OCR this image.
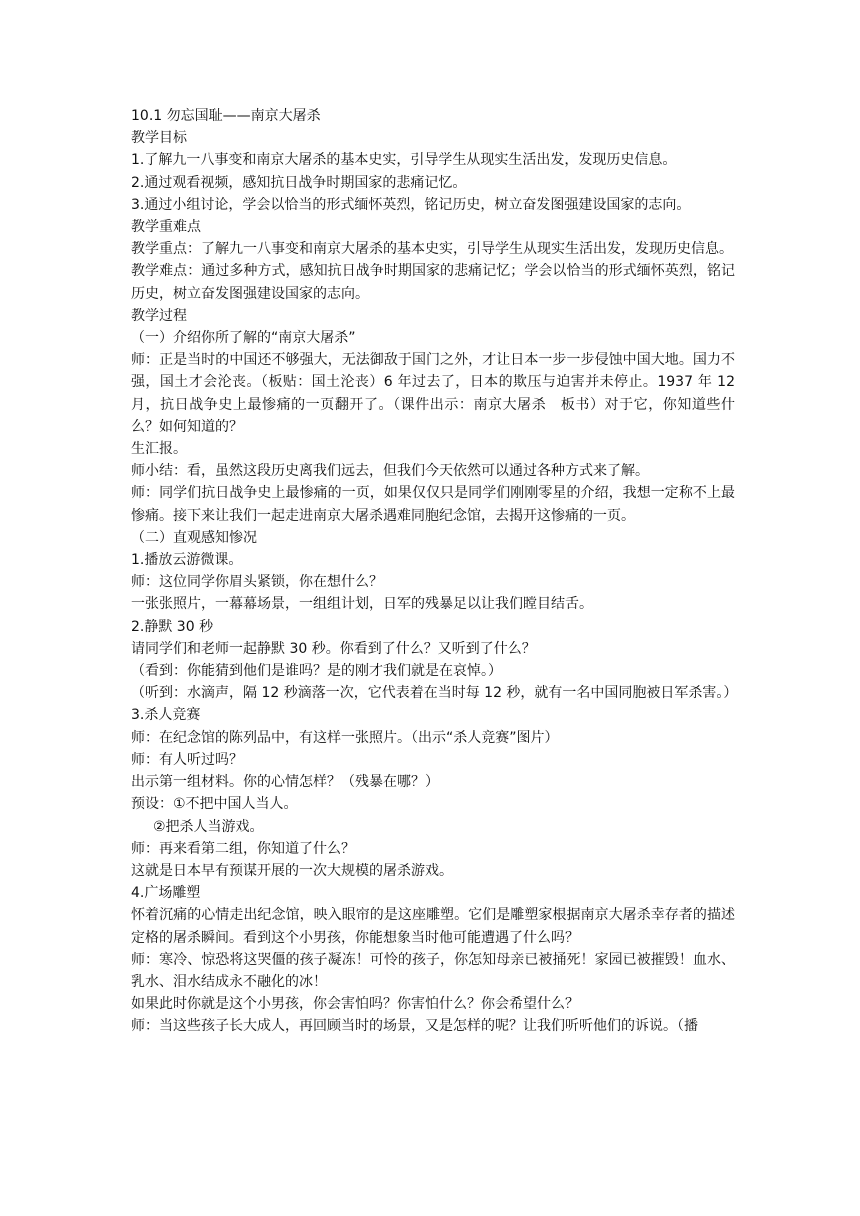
10.1 勿忘国耻——南京大屠杀

教学目标

1.了解九一八事变和南京大屠杀的基本史实，引导学生从现实生活出发，发现历史信息。

2.通过观看视频，感知抗日战争时期国家的悲痛记忆。

3.通过小组讨论，学会以恰当的形式缅怀英烈，铭记历史，树立奋发图强建设国家的志向。

教学重难点

教学重点：了解九一八事变和南京大屠杀的基本史实，引导学生从现实生活出发，发现历史信息。

教学难点：通过多种方式，感知抗日战争时期国家的悲痛记忆；学会以恰当的形式缅怀英烈，铭记历史，树立奋发图强建设国家的志向。

教学过程

（一）介绍你所了解的“南京大屠杀”

师：正是当时的中国还不够强大，无法御敌于国门之外，才让日本一步一步侵蚀中国大地。国力不强，国土才会沦丧。（板贴：国土沦丧）6 年过去了，日本的欺压与迫害并未停止。1937 年 12 月，抗日战争史上最惨痛的一页翻开了。（课件出示：南京大屠杀　板书）对于它，你知道些什么？如何知道的？

生汇报。

师小结：看，虽然这段历史离我们远去，但我们今天依然可以通过各种方式来了解。

师：同学们抗日战争史上最惨痛的一页，如果仅仅只是同学们刚刚零星的介绍，我想一定称不上最惨痛。接下来让我们一起走进南京大屠杀遇难同胞纪念馆，去揭开这惨痛的一页。

（二）直观感知惨况

1.播放云游微课。

师：这位同学你眉头紧锁，你在想什么？

一张张照片，一幕幕场景，一组组计划，日军的残暴足以让我们瞠目结舌。

2.静默 30 秒

请同学们和老师一起静默 30 秒。你看到了什么？又听到了什么？

（看到：你能猜到他们是谁吗？是的刚才我们就是在哀悼。）

（听到：水滴声，隔 12 秒滴落一次，它代表着在当时每 12 秒，就有一名中国同胞被日军杀害。）

3.杀人竞赛

师：在纪念馆的陈列品中，有这样一张照片。（出示“杀人竞赛”图片）

师：有人听过吗？

出示第一组材料。你的心情怎样？（残暴在哪？）

预设：①不把中国人当人。

②把杀人当游戏。

师：再来看第二组，你知道了什么？

这就是日本早有预谋开展的一次大规模的屠杀游戏。

4.广场雕塑

怀着沉痛的心情走出纪念馆，映入眼帘的是这座雕塑。它们是雕塑家根据南京大屠杀幸存者的描述定格的屠杀瞬间。看到这个小男孩，你能想象当时他可能遭遇了什么吗？

师：寒冷、惊恐将这哭僵的孩子凝冻！可怜的孩子，你怎知母亲已被捅死！家园已被摧毁！血水、乳水、泪水结成永不融化的冰！

如果此时你就是这个小男孩，你会害怕吗？你害怕什么？你会希望什么？

师：当这些孩子长大成人，再回顾当时的场景，又是怎样的呢？让我们听听他们的诉说。（播
